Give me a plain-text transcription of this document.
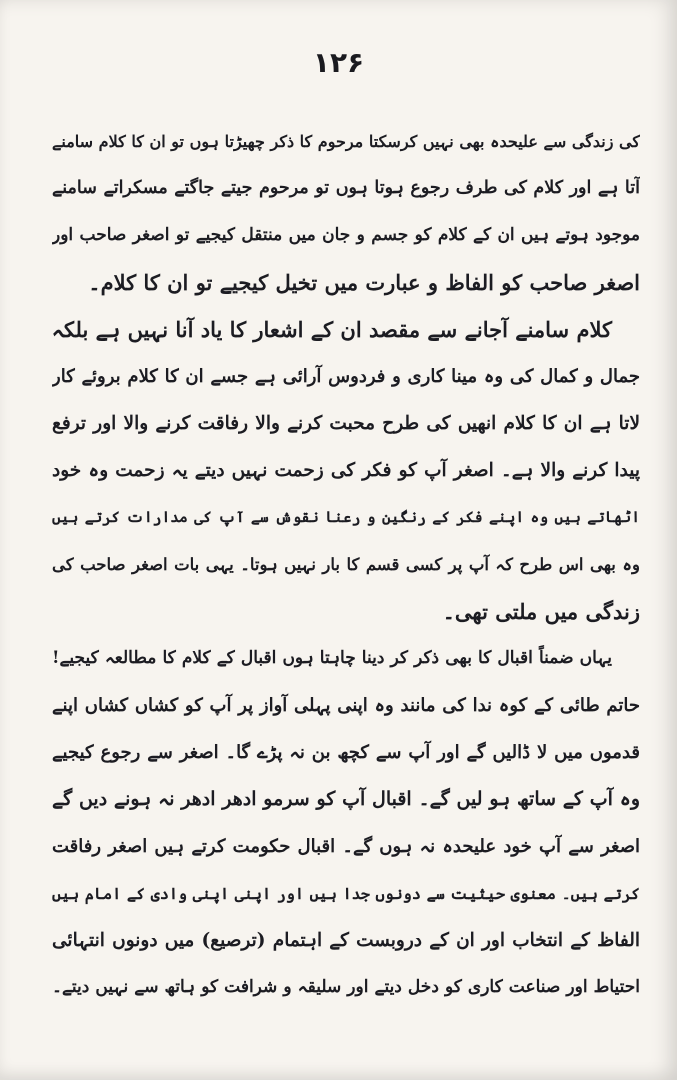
۱۲۶
کی زندگی سے علیحدہ بھی نہیں کرسکتا مرحوم کا ذکر چھیڑتا ہوں تو ان کا کلام سامنے
آتا ہے اور کلام کی طرف رجوع ہوتا ہوں تو مرحوم جیتے جاگتے مسکراتے سامنے
موجود ہوتے ہیں ان کے کلام کو جسم و جان میں منتقل کیجیے تو اصغر صاحب اور
اصغر صاحب کو الفاظ و عبارت میں تخیل کیجیے تو ان کا کلام۔
کلام سامنے آجانے سے مقصد ان کے اشعار کا یاد آنا نہیں ہے بلکہ
جمال و کمال کی وہ مینا کاری و فردوس آرائی ہے جسے ان کا کلام بروئے کار
لاتا ہے ان کا کلام انھیں کی طرح محبت کرنے والا رفاقت کرنے والا اور ترفع
پیدا کرنے والا ہے۔ اصغر آپ کو فکر کی زحمت نہیں دیتے یہ زحمت وہ خود
اٹھاتے ہیں وہ اپنے فکر کے رنگین و رعنا نقوش سے آپ کی مدارات کرتے ہیں
وہ بھی اس طرح کہ آپ پر کسی قسم کا بار نہیں ہوتا۔ یہی بات اصغر صاحب کی
زندگی میں ملتی تھی۔
یہاں ضمناً اقبال کا بھی ذکر کر دینا چاہتا ہوں اقبال کے کلام کا مطالعہ کیجیے!
حاتم طائی کے کوہ ندا کی مانند وہ اپنی پہلی آواز پر آپ کو کشاں کشاں اپنے
قدموں میں لا ڈالیں گے اور آپ سے کچھ بن نہ پڑے گا۔ اصغر سے رجوع کیجیے
وہ آپ کے ساتھ ہو لیں گے۔ اقبال آپ کو سرمو ادھر ادھر نہ ہونے دیں گے
اصغر سے آپ خود علیحدہ نہ ہوں گے۔ اقبال حکومت کرتے ہیں اصغر رفاقت
کرتے ہیں۔ معنوی حیثیت سے دونوں جدا ہیں اور اپنی اپنی وادی کے امام ہیں
الفاظ کے انتخاب اور ان کے دروبست کے اہتمام (ترصیع) میں دونوں انتہائی
احتیاط اور صناعت کاری کو دخل دیتے اور سلیقہ و شرافت کو ہاتھ سے نہیں دیتے۔
